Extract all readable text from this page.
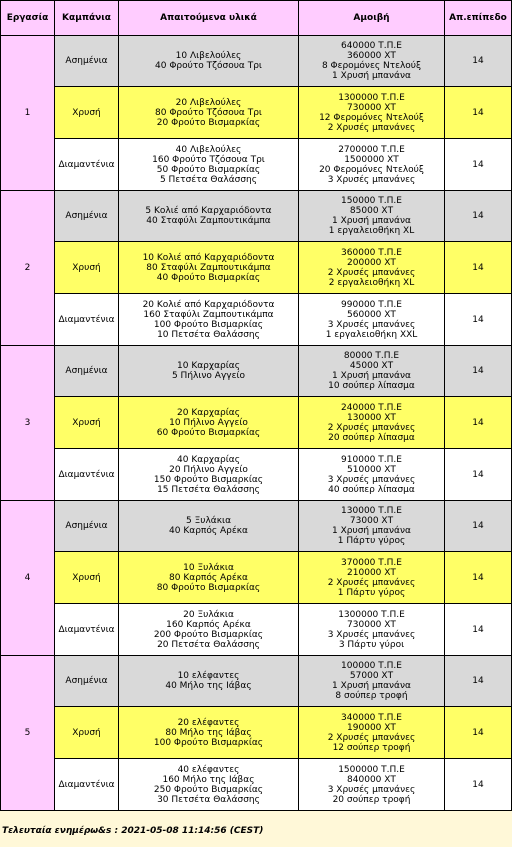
Εργασία	Καμπάνια	Απαιτούμενα υλικά	Αμοιβή	Απ.επίπεδο
1	Ασημένια	10 Λιβελούλες
40 Φρούτο Τζόσουα Τρι	640000 Τ.Π.Ε
360000 ΧΤ
8 Φερομόνες Ντελούξ
1 Χρυσή μπανάνα	14
	Χρυσή	20 Λιβελούλες
80 Φρούτο Τζόσουα Τρι
20 Φρούτο Βισμαρκίας	1300000 Τ.Π.Ε
730000 ΧΤ
12 Φερομόνες Ντελούξ
2 Χρυσές μπανάνες	14
	Διαμαντένια	40 Λιβελούλες
160 Φρούτο Τζόσουα Τρι
50 Φρούτο Βισμαρκίας
5 Πετσέτα Θαλάσσης	2700000 Τ.Π.Ε
1500000 ΧΤ
20 Φερομόνες Ντελούξ
3 Χρυσές μπανάνες	14
2	Ασημένια	5 Κολιέ από Καρχαριόδοντα
40 Σταφύλι Ζαμπουτικάμπα	150000 Τ.Π.Ε
85000 ΧΤ
1 Χρυσή μπανάνα
1 εργαλειοθήκη XL	14
	Χρυσή	10 Κολιέ από Καρχαριόδοντα
80 Σταφύλι Ζαμπουτικάμπα
40 Φρούτο Βισμαρκίας	360000 Τ.Π.Ε
200000 ΧΤ
2 Χρυσές μπανάνες
2 εργαλειοθήκη XL	14
	Διαμαντένια	20 Κολιέ από Καρχαριόδοντα
160 Σταφύλι Ζαμπουτικάμπα
100 Φρούτο Βισμαρκίας
10 Πετσέτα Θαλάσσης	990000 Τ.Π.Ε
560000 ΧΤ
3 Χρυσές μπανάνες
1 εργαλειοθήκη XXL	14
3	Ασημένια	10 Καρχαρίας
5 Πήλινο Αγγείο	80000 Τ.Π.Ε
45000 ΧΤ
1 Χρυσή μπανάνα
10 σούπερ λίπασμα	14
	Χρυσή	20 Καρχαρίας
10 Πήλινο Αγγείο
60 Φρούτο Βισμαρκίας	240000 Τ.Π.Ε
130000 ΧΤ
2 Χρυσές μπανάνες
20 σούπερ λίπασμα	14
	Διαμαντένια	40 Καρχαρίας
20 Πήλινο Αγγείο
150 Φρούτο Βισμαρκίας
15 Πετσέτα Θαλάσσης	910000 Τ.Π.Ε
510000 ΧΤ
3 Χρυσές μπανάνες
40 σούπερ λίπασμα	14
4	Ασημένια	5 Ξυλάκια
40 Καρπός Αρέκα	130000 Τ.Π.Ε
73000 ΧΤ
1 Χρυσή μπανάνα
1 Πάρτυ γύρος	14
	Χρυσή	10 Ξυλάκια
80 Καρπός Αρέκα
80 Φρούτο Βισμαρκίας	370000 Τ.Π.Ε
210000 ΧΤ
2 Χρυσές μπανάνες
1 Πάρτυ γύρος	14
	Διαμαντένια	20 Ξυλάκια
160 Καρπός Αρέκα
200 Φρούτο Βισμαρκίας
20 Πετσέτα Θαλάσσης	1300000 Τ.Π.Ε
730000 ΧΤ
3 Χρυσές μπανάνες
3 Πάρτυ γύροι	14
5	Ασημένια	10 ελέφαντες
40 Μήλο της Ιάβας	100000 Τ.Π.Ε
57000 ΧΤ
1 Χρυσή μπανάνα
8 σούπερ τροφή	14
	Χρυσή	20 ελέφαντες
80 Μήλο της Ιάβας
100 Φρούτο Βισμαρκίας	340000 Τ.Π.Ε
190000 ΧΤ
2 Χρυσές μπανάνες
12 σούπερ τροφή	14
	Διαμαντένια	40 ελέφαντες
160 Μήλο της Ιάβας
250 Φρούτο Βισμαρκίας
30 Πετσέτα Θαλάσσης	1500000 Τ.Π.Ε
840000 ΧΤ
3 Χρυσές μπανάνες
20 σούπερ τροφή	14
Τελευταία ενημέρω&s : 2021-05-08 11:14:56 (CEST)
